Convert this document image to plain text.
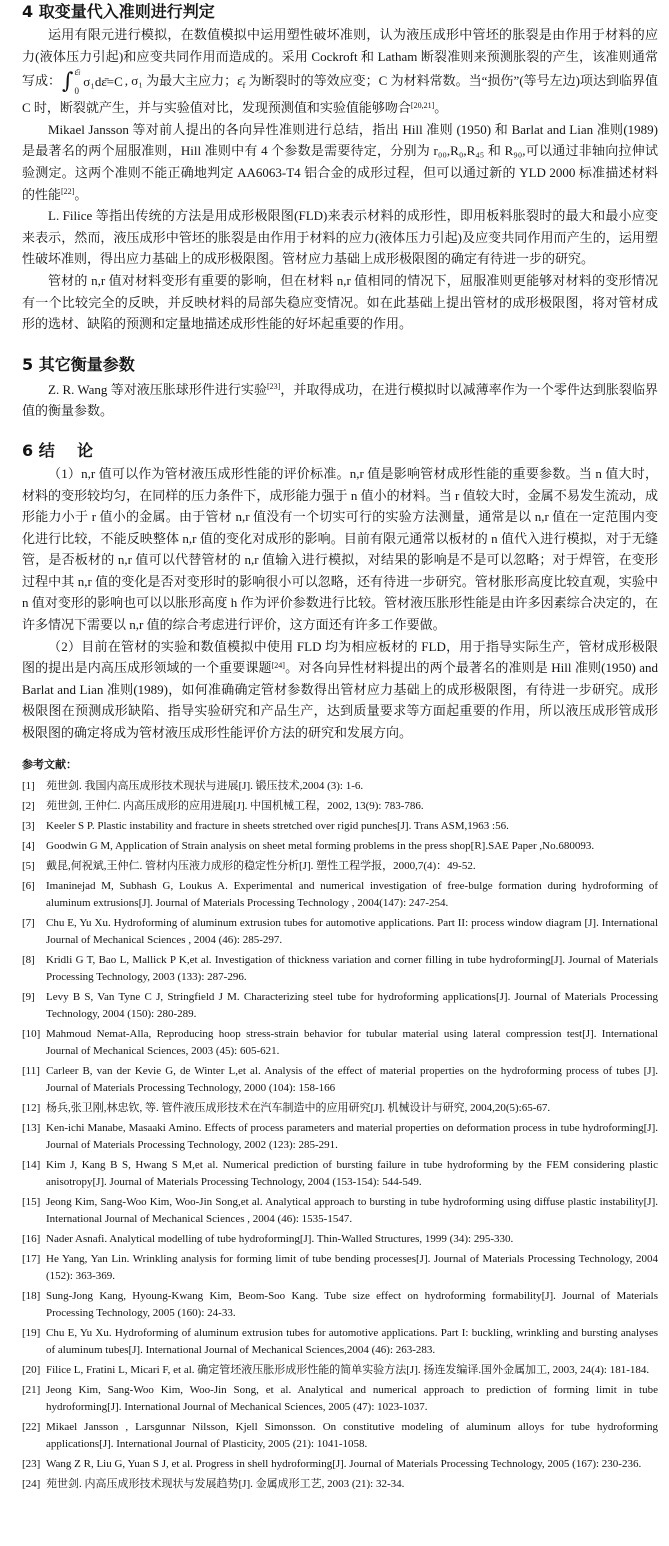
4 取变量代入准则进行判定

运用有限元进行模拟，在数值模拟中运用塑性破坏准则，认为液压成形中管坯的胀裂是由作用于材料的应力(液体压力引起)和应变共同作用而造成的。采用 Cockroft 和 Latham 断裂准则来预测胀裂的产生，该准则通常写成： ∫ ε̄f
0
σ₁dε̄=C , σ₁ 为最大主应力；ε̄f 为断裂时的等效应变；C 为材料常数。当“损伤”(等号左边)项达到临界值 C 时，断裂就产生，并与实验值对比，发现预测值和实验值能够吻合[20,21]。

Mikael Jansson 等对前人提出的各向异性准则进行总结，指出 Hill 准则 (1950) 和 Barlat and Lian 准则(1989)是最著名的两个屈服准则，Hill 准则中有 4 个参数是需要待定，分别为 r₀₀,R₀,R₄₅ 和 R₉₀,可以通过非轴向拉伸试验测定。这两个准则不能正确地判定 AA6063-T4 铝合金的成形过程，但可以通过新的 YLD 2000 标准描述材料的性能[22]。

L. Filice 等指出传统的方法是用成形极限图(FLD)来表示材料的成形性，即用板料胀裂时的最大和最小应变来表示，然而，液压成形中管坯的胀裂是由作用于材料的应力(液体压力引起)及应变共同作用而产生的，运用塑性破坏准则，得出应力基础上的成形极限图。管材应力基础上成形极限图的确定有待进一步的研究。

管材的 n,r 值对材料变形有重要的影响，但在材料 n,r 值相同的情况下，屈服准则更能够对材料的变形情况有一个比较完全的反映，并反映材料的局部失稳应变情况。如在此基础上提出管材的成形极限图，将对管材成形的选材、缺陷的预测和定量地描述成形性能的好坏起重要的作用。

5 其它衡量参数

Z. R. Wang 等对液压胀球形件进行实验[23]，并取得成功，在进行模拟时以减薄率作为一个零件达到胀裂临界值的衡量参数。

6 结    论

（1）n,r 值可以作为管材液压成形性能的评价标准。n,r 值是影响管材成形性能的重要参数。当 n 值大时，材料的变形较均匀，在同样的压力条件下，成形能力强于 n 值小的材料。当 r 值较大时，金属不易发生流动，成形能力小于 r 值小的金属。由于管材 n,r 值没有一个切实可行的实验方法测量，通常是以 n,r 值在一定范围内变化进行比较，不能反映整体 n,r 值的变化对成形的影响。目前有限元通常以板材的 n 值代入进行模拟，对于无缝管，是否板材的 n,r 值可以代替管材的 n,r 值输入进行模拟，对结果的影响是不是可以忽略；对于焊管，在变形过程中其 n,r 值的变化是否对变形时的影响很小可以忽略，还有待进一步研究。管材胀形高度比较直观，实验中 n 值对变形的影响也可以以胀形高度 h 作为评价参数进行比较。管材液压胀形性能是由许多因素综合决定的，在许多情况下需要以 n,r 值的综合考虑进行评价，这方面还有许多工作要做。

（2）目前在管材的实验和数值模拟中使用 FLD 均为相应板材的 FLD，用于指导实际生产，管材成形极限图的提出是内高压成形领域的一个重要课题[24]。对各向异性材料提出的两个最著名的准则是 Hill 准则(1950) and Barlat and Lian 准则(1989)，如何准确确定管材参数得出管材应力基础上的成形极限图，有待进一步研究。成形极限图在预测成形缺陷、指导实验研究和产品生产，达到质量要求等方面起重要的作用，所以液压成形管成形极限图的确定将成为管材液压成形性能评价方法的研究和发展方向。

参考文献：
[1] 苑世剑. 我国内高压成形技术现状与进展[J]. 锻压技术,2004 (3): 1-6.
[2] 苑世剑, 王仲仁. 内高压成形的应用进展[J]. 中国机械工程，2002, 13(9): 783-786.
[3] Keeler S P. Plastic instability and fracture in sheets stretched over rigid punches[J]. Trans ASM,1963 :56.
[4] Goodwin G M, Application of Strain analysis on sheet metal forming problems in the press shop[R].SAE Paper ,No.680093.
[5] 戴昆,何祝斌,王仲仁. 管材内压液力成形的稳定性分析[J]. 塑性工程学报，2000,7(4)：49-52.
[6] Imaninejad M, Subhash G, Loukus A. Experimental and numerical investigation of free-bulge formation during hydroforming of aluminum extrusions[J]. Journal of Materials Processing Technology , 2004(147): 247-254.
[7] Chu E, Yu Xu. Hydroforming of aluminum extrusion tubes for automotive applications. Part II: process window diagram [J]. International Journal of Mechanical Sciences , 2004 (46): 285-297.
[8] Kridli G T, Bao L, Mallick P K,et al. Investigation of thickness variation and corner filling in tube hydroforming[J]. Journal of Materials Processing Technology, 2003 (133): 287-296.
[9] Levy B S, Van Tyne C J, Stringfield J M. Characterizing steel tube for hydroforming applications[J]. Journal of Materials Processing Technology, 2004 (150): 280-289.
[10] Mahmoud Nemat-Alla, Reproducing hoop stress-strain behavior for tubular material using lateral compression test[J]. International Journal of Mechanical Sciences, 2003 (45): 605-621.
[11] Carleer B, van der Kevie G, de Winter L,et al. Analysis of the effect of material properties on the hydroforming process of tubes [J]. Journal of Materials Processing Technology, 2000 (104): 158-166
[12] 杨兵,张卫刚,林忠钦, 等. 管件液压成形技术在汽车制造中的应用研究[J]. 机械设计与研究, 2004,20(5):65-67.
[13] Ken-ichi Manabe, Masaaki Amino. Effects of process parameters and material properties on deformation process in tube hydroforming[J]. Journal of Materials Processing Technology, 2002 (123): 285-291.
[14] Kim J, Kang B S, Hwang S M,et al. Numerical prediction of bursting failure in tube hydroforming by the FEM considering plastic anisotropy[J]. Journal of Materials Processing Technology, 2004 (153-154): 544-549.
[15] Jeong Kim, Sang-Woo Kim, Woo-Jin Song,et al. Analytical approach to bursting in tube hydroforming using diffuse plastic instability[J]. International Journal of Mechanical Sciences , 2004 (46): 1535-1547.
[16] Nader Asnafi. Analytical modelling of tube hydroforming[J]. Thin-Walled Structures, 1999 (34): 295-330.
[17] He Yang, Yan Lin. Wrinkling analysis for forming limit of tube bending processes[J]. Journal of Materials Processing Technology, 2004 (152): 363-369.
[18] Sung-Jong Kang, Hyoung-Kwang Kim, Beom-Soo Kang. Tube size effect on hydroforming formability[J]. Journal of Materials Processing Technology, 2005 (160): 24-33.
[19] Chu E, Yu Xu. Hydroforming of aluminum extrusion tubes for automotive applications. Part I: buckling, wrinkling and bursting analyses of aluminum tubes[J]. International Journal of Mechanical Sciences,2004 (46): 263-283.
[20] Filice L, Fratini L, Micari F, et al. 确定管坯液压胀形成形性能的简单实验方法[J]. 扬连发编译.国外金属加工, 2003, 24(4): 181-184.
[21] Jeong Kim, Sang-Woo Kim, Woo-Jin Song, et al. Analytical and numerical approach to prediction of forming limit in tube hydroforming[J]. International Journal of Mechanical Sciences, 2005 (47): 1023-1037.
[22] Mikael Jansson , Larsgunnar Nilsson, Kjell Simonsson. On constitutive modeling of aluminum alloys for tube hydroforming applications[J]. International Journal of Plasticity, 2005 (21): 1041-1058.
[23] Wang Z R, Liu G, Yuan S J, et al. Progress in shell hydroforming[J]. Journal of Materials Processing Technology, 2005 (167): 230-236.
[24] 苑世剑. 内高压成形技术现状与发展趋势[J]. 金属成形工艺, 2003 (21): 32-34.
